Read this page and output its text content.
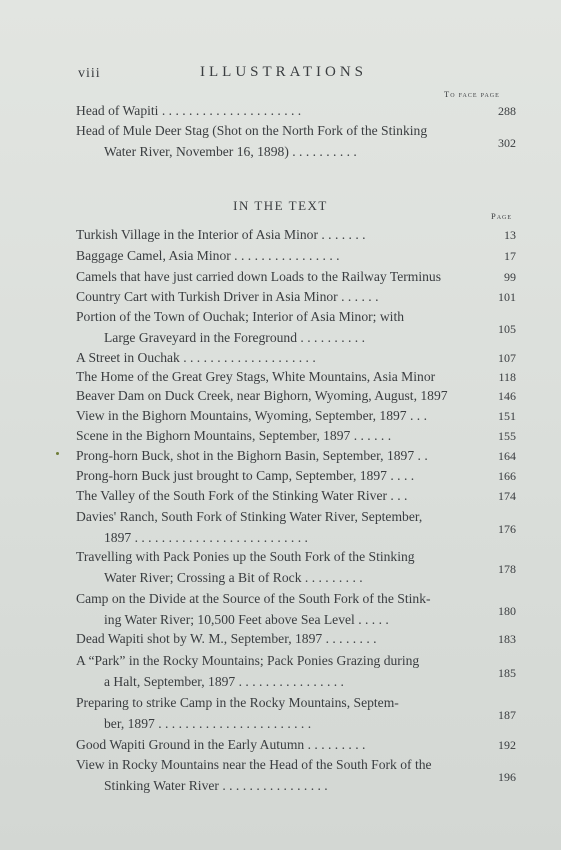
viii	ILLUSTRATIONS
To face page
Head of Wapiti . . . . . . . . . . . . . . . . . . . . .	288
Head of Mule Deer Stag (Shot on the North Fork of the Stinking
Water River, November 16, 1898) . . . . . . . . . .
302
IN THE TEXT
Page
Turkish Village in the Interior of Asia Minor . . . . . . .	13
Baggage Camel, Asia Minor . . . . . . . . . . . . . . . .	17
Camels that have just carried down Loads to the Railway Terminus	99
Country Cart with Turkish Driver in Asia Minor . . . . . .	101
Portion of the Town of Ouchak; Interior of Asia Minor; with
Large Graveyard in the Foreground . . . . . . . . . .
105
A Street in Ouchak . . . . . . . . . . . . . . . . . . . .	107
The Home of the Great Grey Stags, White Mountains, Asia Minor	118
Beaver Dam on Duck Creek, near Bighorn, Wyoming, August, 1897	146
View in the Bighorn Mountains, Wyoming, September, 1897 . . .	151
Scene in the Bighorn Mountains, September, 1897 . . . . . .	155
Prong-horn Buck, shot in the Bighorn Basin, September, 1897 . .	164
Prong-horn Buck just brought to Camp, September, 1897 . . . .	166
The Valley of the South Fork of the Stinking Water River . . .	174
Davies' Ranch, South Fork of Stinking Water River, September,
1897 . . . . . . . . . . . . . . . . . . . . . . . . . .
176
Travelling with Pack Ponies up the South Fork of the Stinking
Water River; Crossing a Bit of Rock . . . . . . . . .
178
Camp on the Divide at the Source of the South Fork of the Stink-
ing Water River; 10,500 Feet above Sea Level . . . . .
180
Dead Wapiti shot by W. M., September, 1897 . . . . . . . .	183
A “Park” in the Rocky Mountains; Pack Ponies Grazing during
a Halt, September, 1897 . . . . . . . . . . . . . . . .
185
Preparing to strike Camp in the Rocky Mountains, Septem-
ber, 1897 . . . . . . . . . . . . . . . . . . . . . . .
187
Good Wapiti Ground in the Early Autumn . . . . . . . . .	192
View in Rocky Mountains near the Head of the South Fork of the
Stinking Water River . . . . . . . . . . . . . . . .
196
